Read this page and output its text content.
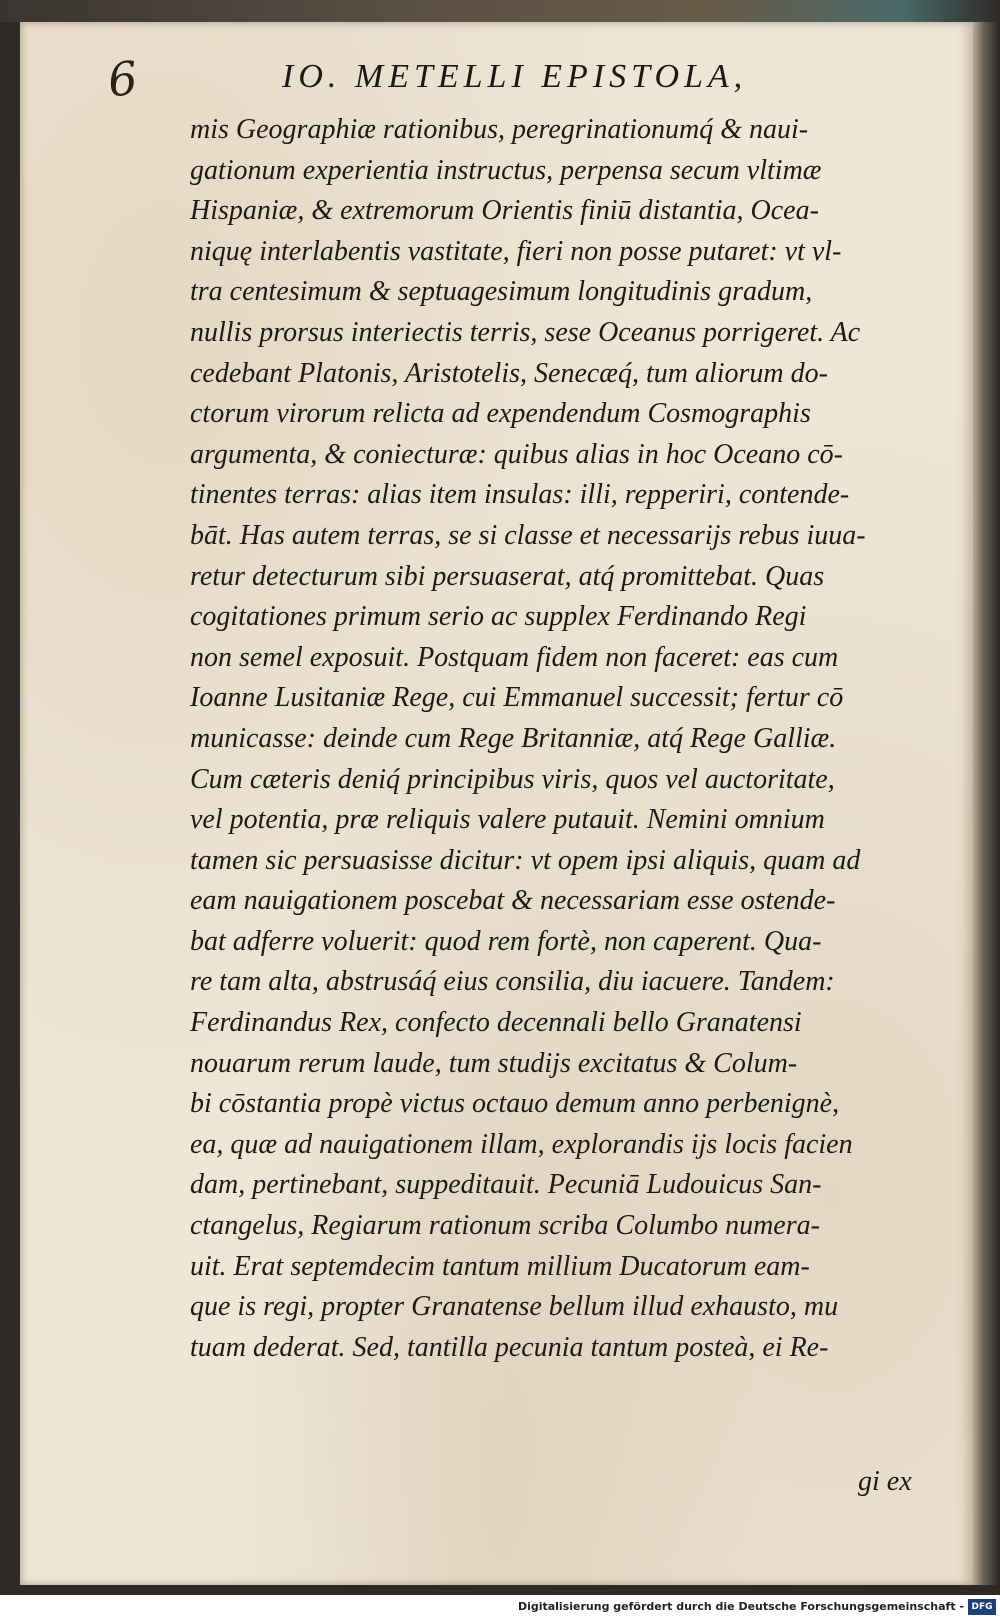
6	IO. METELLI EPISTOLA,
mis Geographiæ rationibus, peregrinationumq́ & naui-
gationum experientia instructus, perpensa secum vltimæ
Hispaniæ, & extremorum Orientis finiū distantia, Ocea-
niquę interlabentis vastitate, fieri non posse putaret: vt vl-
tra centesimum & septuagesimum longitudinis gradum,
nullis prorsus interiectis terris, sese Oceanus porrigeret. Ac
cedebant Platonis, Aristotelis, Senecæq́, tum aliorum do-
ctorum virorum relicta ad expendendum Cosmographis
argumenta, & coniecturæ: quibus alias in hoc Oceano cō-
tinentes terras: alias item insulas: illi, repperiri, contende-
bāt. Has autem terras, se si classe et necessarijs rebus iuua-
retur detecturum sibi persuaserat, atq́ promittebat. Quas
cogitationes primum serio ac supplex Ferdinando Regi
non semel exposuit. Postquam fidem non faceret: eas cum
Ioanne Lusitaniæ Rege, cui Emmanuel successit; fertur cō
municasse: deinde cum Rege Britanniæ, atq́ Rege Galliæ.
Cum cæteris deniq́ principibus viris, quos vel auctoritate,
vel potentia, præ reliquis valere putauit. Nemini omnium
tamen sic persuasisse dicitur: vt opem ipsi aliquis, quam ad
eam nauigationem poscebat & necessariam esse ostende-
bat adferre voluerit: quod rem fortè, non caperent. Qua-
re tam alta, abstrusáq́ eius consilia, diu iacuere. Tandem:
Ferdinandus Rex, confecto decennali bello Granatensi
nouarum rerum laude, tum studijs excitatus & Colum-
bi cōstantia propè victus octauo demum anno perbenignè,
ea, quæ ad nauigationem illam, explorandis ijs locis facien
dam, pertinebant, suppeditauit. Pecuniā Ludouicus San-
ctangelus, Regiarum rationum scriba Columbo numera-
uit. Erat septemdecim tantum millium Ducatorum eam-
que is regi, propter Granatense bellum illud exhausto, mu
tuam dederat. Sed, tantilla pecunia tantum posteà, ei Re-
gi ex
Digitalisierung gefördert durch die Deutsche Forschungsgemeinschaft - DFG
